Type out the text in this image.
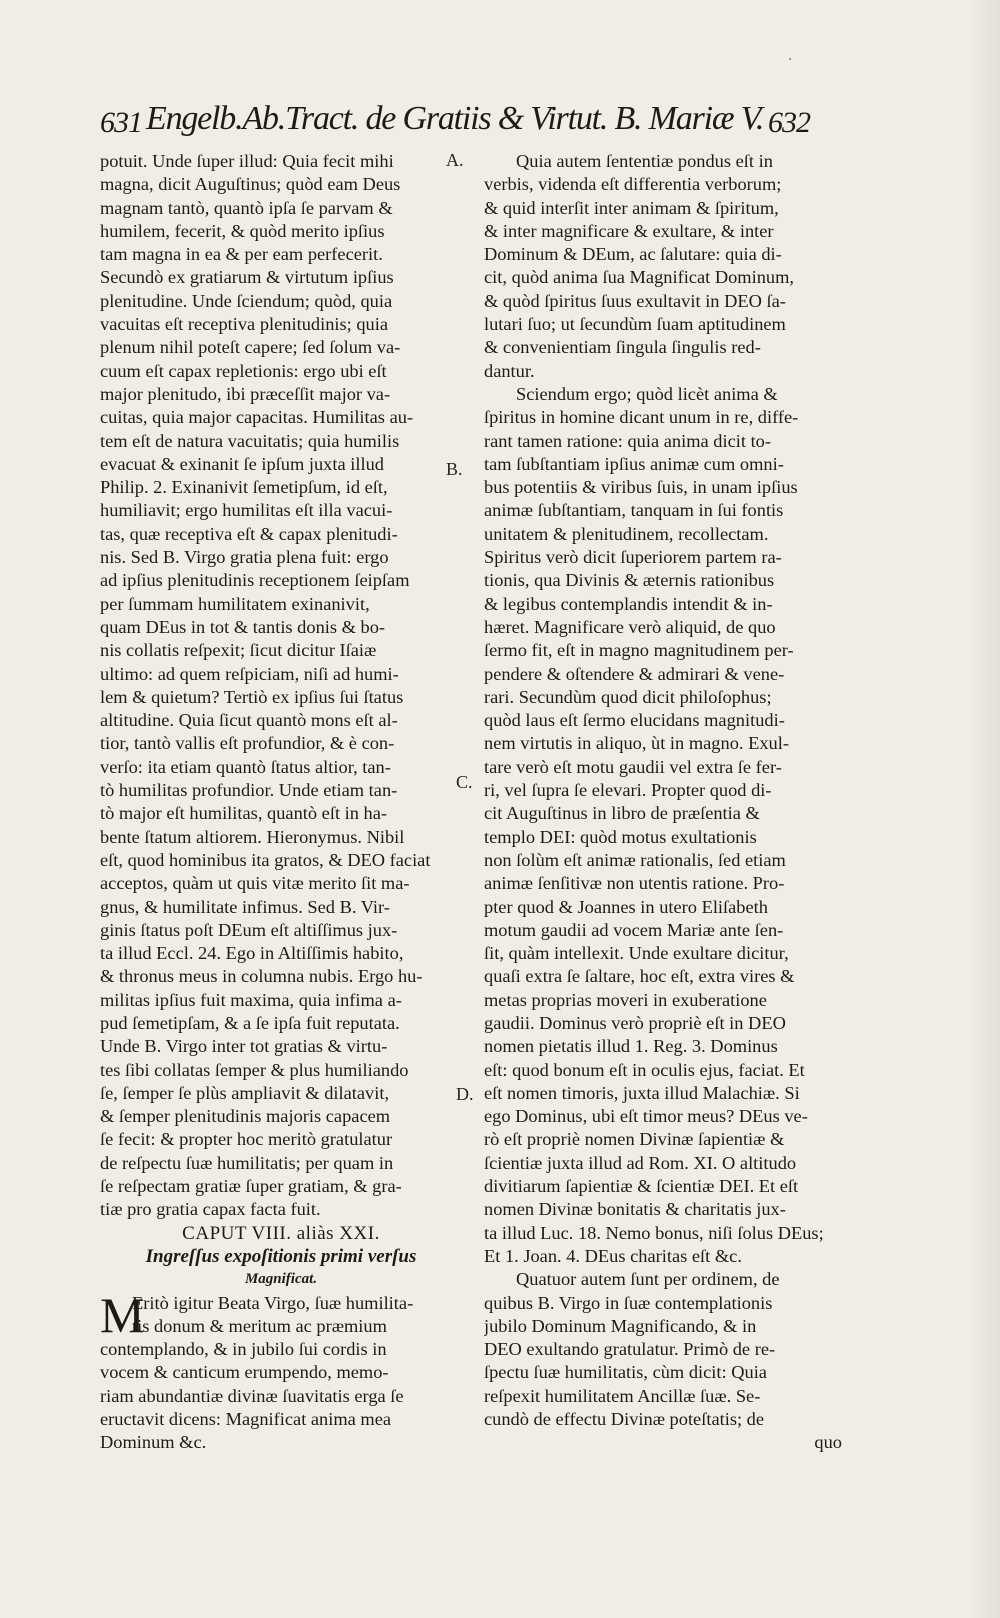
·
631 Engelb.Ab.Tract. de Gratiis & Virtut. B. Mariæ V. 632
A.
B.
C.
D.
potuit. Unde ſuper illud: Quia fecit mihi
magna, dicit Auguſtinus; quòd eam Deus
magnam tantò, quantò ipſa ſe parvam &
humilem, fecerit, & quòd merito ipſius
tam magna in ea & per eam perfecerit.
Secundò ex gratiarum & virtutum ipſius
plenitudine. Unde ſciendum; quòd, quia
vacuitas eſt receptiva plenitudinis; quia
plenum nihil poteſt capere; ſed ſolum va-
cuum eſt capax repletionis: ergo ubi eſt
major plenitudo, ibi præceſſit major va-
cuitas, quia major capacitas. Humilitas au-
tem eſt de natura vacuitatis; quia humilis
evacuat & exinanit ſe ipſum juxta illud
Philip. 2. Exinanivit ſemetipſum, id eſt,
humiliavit; ergo humilitas eſt illa vacui-
tas, quæ receptiva eſt & capax plenitudi-
nis. Sed B. Virgo gratia plena fuit: ergo
ad ipſius plenitudinis receptionem ſeipſam
per ſummam humilitatem exinanivit,
quam DEus in tot & tantis donis & bo-
nis collatis reſpexit; ſicut dicitur Iſaiæ
ultimo: ad quem reſpiciam, niſi ad humi-
lem & quietum? Tertiò ex ipſius ſui ſtatus
altitudine. Quia ſicut quantò mons eſt al-
tior, tantò vallis eſt profundior, & è con-
verſo: ita etiam quantò ſtatus altior, tan-
tò humilitas profundior. Unde etiam tan-
tò major eſt humilitas, quantò eſt in ha-
bente ſtatum altiorem. Hieronymus. Nibil
eſt, quod hominibus ita gratos, & DEO faciat
acceptos, quàm ut quis vitæ merito ſit ma-
gnus, & humilitate infimus. Sed B. Vir-
ginis ſtatus poſt DEum eſt altiſſimus jux-
ta illud Eccl. 24. Ego in Altiſſimis habito,
& thronus meus in columna nubis. Ergo hu-
militas ipſius fuit maxima, quia infima a-
pud ſemetipſam, & a ſe ipſa fuit reputata.
Unde B. Virgo inter tot gratias & virtu-
tes ſibi collatas ſemper & plus humiliando
ſe, ſemper ſe plùs ampliavit & dilatavit,
& ſemper plenitudinis majoris capacem
ſe fecit: & propter hoc meritò gratulatur
de reſpectu ſuæ humilitatis; per quam in
ſe reſpectam gratiæ ſuper gratiam, & gra-
tiæ pro gratia capax facta fuit.
CAPUT VIII. aliàs XXI.
Ingreſſus expoſitionis primi verſus
Magnificat.
M
Eritò igitur Beata Virgo, ſuæ humilita-
tis donum & meritum ac præmium
contemplando, & in jubilo ſui cordis in
vocem & canticum erumpendo, memo-
riam abundantiæ divinæ ſuavitatis erga ſe
eructavit dicens: Magnificat anima mea
Dominum &c.
Quia autem ſententiæ pondus eſt in
verbis, videnda eſt differentia verborum;
& quid interſit inter animam & ſpiritum,
& inter magnificare & exultare, & inter
Dominum & DEum, ac ſalutare: quia di-
cit, quòd anima ſua Magnificat Dominum,
& quòd ſpiritus ſuus exultavit in DEO ſa-
lutari ſuo; ut ſecundùm ſuam aptitudinem
& convenientiam ſingula ſingulis red-
dantur.
Sciendum ergo; quòd licèt anima &
ſpiritus in homine dicant unum in re, diffe-
rant tamen ratione: quia anima dicit to-
tam ſubſtantiam ipſius animæ cum omni-
bus potentiis & viribus ſuis, in unam ipſius
animæ ſubſtantiam, tanquam in ſui fontis
unitatem & plenitudinem, recollectam.
Spiritus verò dicit ſuperiorem partem ra-
tionis, qua Divinis & æternis rationibus
& legibus contemplandis intendit & in-
hæret. Magnificare verò aliquid, de quo
ſermo fit, eſt in magno magnitudinem per-
pendere & oſtendere & admirari & vene-
rari. Secundùm quod dicit philoſophus;
quòd laus eſt ſermo elucidans magnitudi-
nem virtutis in aliquo, ùt in magno. Exul-
tare verò eſt motu gaudii vel extra ſe fer-
ri, vel ſupra ſe elevari. Propter quod di-
cit Auguſtinus in libro de præſentia &
templo DEI: quòd motus exultationis
non ſolùm eſt animæ rationalis, ſed etiam
animæ ſenſitivæ non utentis ratione. Pro-
pter quod & Joannes in utero Eliſabeth
motum gaudii ad vocem Mariæ ante ſen-
ſit, quàm intellexit. Unde exultare dicitur,
quaſi extra ſe ſaltare, hoc eſt, extra vires &
metas proprias moveri in exuberatione
gaudii. Dominus verò propriè eſt in DEO
nomen pietatis illud 1. Reg. 3. Dominus
eſt: quod bonum eſt in oculis ejus, faciat. Et
eſt nomen timoris, juxta illud Malachiæ. Si
ego Dominus, ubi eſt timor meus? DEus ve-
rò eſt propriè nomen Divinæ ſapientiæ &
ſcientiæ juxta illud ad Rom. XI. O altitudo
divitiarum ſapientiæ & ſcientiæ DEI. Et eſt
nomen Divinæ bonitatis & charitatis jux-
ta illud Luc. 18. Nemo bonus, niſi ſolus DEus;
Et 1. Joan. 4. DEus charitas eſt &c.
Quatuor autem ſunt per ordinem, de
quibus B. Virgo in ſuæ contemplationis
jubilo Dominum Magnificando, & in
DEO exultando gratulatur. Primò de re-
ſpectu ſuæ humilitatis, cùm dicit: Quia
reſpexit humilitatem Ancillæ ſuæ. Se-
cundò de effectu Divinæ poteſtatis; de
quo
